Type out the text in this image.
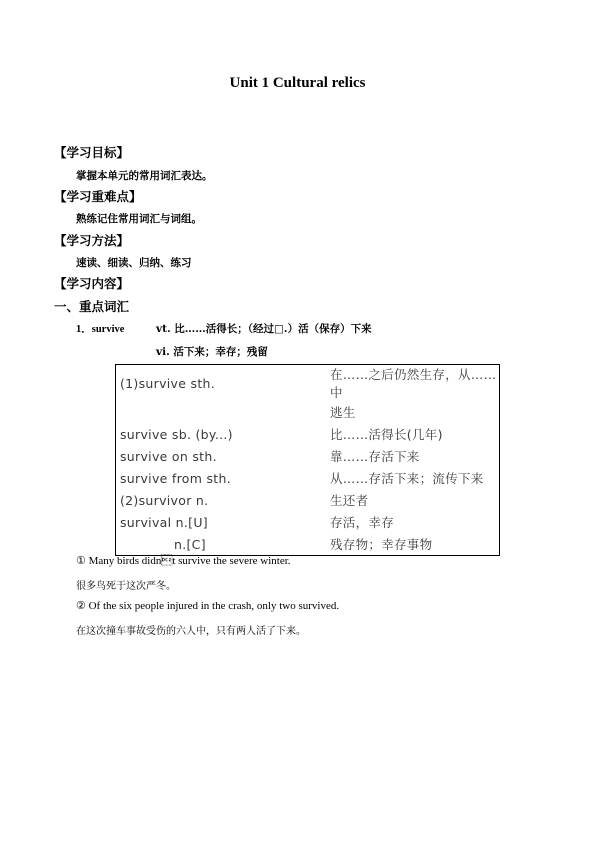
Unit 1 Cultural relics
【学习目标】
掌握本单元的常用词汇表达。
【学习重难点】
熟练记住常用词汇与词组。
【学习方法】
速读、细读、归纳、练习
【学习内容】
一、重点词汇
1．survive	vt. 比……活得长；（经过□.）活（保存）下来
vi. 活下来；幸存；残留
(1)survive sth.	在……之后仍然生存，从……中
	逃生
survive sb. (by...)	比……活得长(几年)
survive on sth.	靠……存活下来
survive from sth.	从……存活下来；流传下来
(2)survivor n.	生还者
survival n.[U]	存活，幸存
n.[C]	残存物；幸存事物
① Many birds didnt survive the severe winter.
很多鸟死于这次严冬。
② Of the six people injured in the crash, only two survived.
在这次撞车事故受伤的六人中，只有两人活了下来。
